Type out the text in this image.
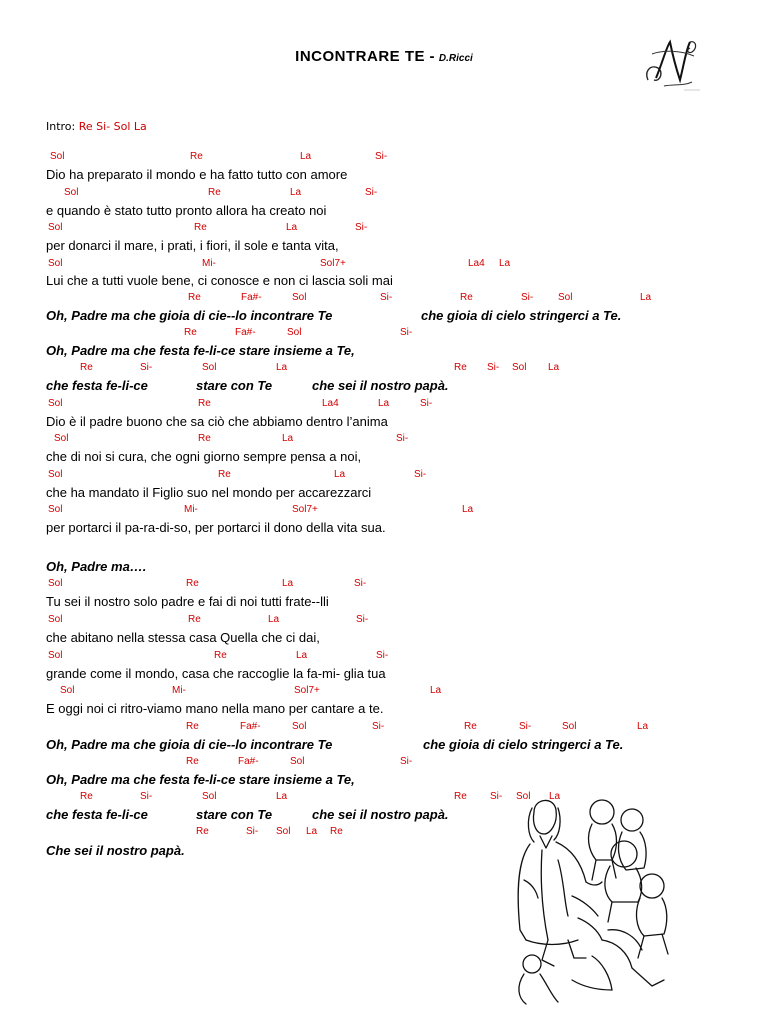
INCONTRARE TE - D.Ricci
Intro: Re Si- Sol La
Sol	Re	La	Si-
Dio ha preparato il mondo e ha fatto tutto con amore
Sol	Re	La	Si-
e quando è stato tutto pronto allora ha creato noi
Sol	Re	La	Si-
per donarci il mare, i prati, i fiori, il sole e tanta vita,
Sol	Mi-	Sol7+	La4 La
Lui che a tutti vuole bene, ci conosce e non ci lascia soli mai
Re	Fa#-	Sol	Si-	Re	Si- Sol	La
Oh, Padre ma che gioia di cie--lo incontrare Te	che gioia di cielo stringerci a Te.
Re	Fa#-	Sol	Si-
Oh, Padre ma che festa fe-li-ce stare insieme a Te,
Re	Si-	Sol	La	Re Si- Sol La
che festa fe-li-ce	stare con Te	che sei il nostro papà.
Sol	Re	La4	La	Si-
Dio è il padre buono che sa ciò che abbiamo dentro l’anima
Sol	Re	La	Si-
che di noi si cura, che ogni giorno sempre pensa a noi,
Sol	Re	La	Si-
che ha mandato il Figlio suo nel mondo per accarezzarci
Sol	Mi-	Sol7+	La
per portarci il pa-ra-di-so, per portarci il dono della vita sua.
Oh, Padre ma….
Sol	Re	La	Si-
Tu sei il nostro solo padre e fai di noi tutti frate--lli
Sol	Re	La	Si-
che abitano nella stessa casa Quella che ci dai,
Sol	Re	La	Si-
grande come il mondo, casa che raccoglie la fa-mi- glia tua
Sol	Mi-	Sol7+	La
E oggi noi ci ritro-viamo mano nella mano per cantare a te.
Re	Fa#-	Sol	Si-	Re	Si-	Sol	La
Oh, Padre ma che gioia di cie--lo incontrare Te	che gioia di cielo stringerci a Te.
Re	Fa#-	Sol	Si-
Oh, Padre ma che festa fe-li-ce stare insieme a Te,
Re	Si-	Sol	La	Re Si- Sol La
che festa fe-li-ce	stare con Te	che sei il nostro papà.
Re	Si- Sol La Re
Che sei il nostro papà.
